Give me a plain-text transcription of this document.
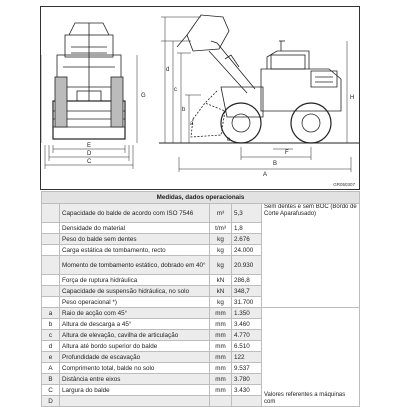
E
D
C
G
A
B
F
H
a
b
c
d
e
GR050307
Medidas, dados operacionais				
	Capacidade do balde de acordo com ISO 7546	m³	5,3	Sem dentes e sem BOC (Bordo de Corte Aparafusado)
	Densidade do material	t/m³	1,8	
	Peso do balde sem dentes	kg	2.676	
	Carga estática de tombamento, recto	kg	24.000	
	Momento de tombamento estático, dobrado em 40°	kg	20.930	
	Força de ruptura hidráulica	kN	286,8	
	Capacidade de suspensão hidráulica, no solo	kN	348,7	
	Peso operacional *)	kg	31.700	
a	Raio de acção com 45°	mm	1.350	Valores referentes a máquinas com
b	Altura de descarga a 45°	mm	3.460	
c	Altura de elevação, cavilha de articulação	mm	4.770	
d	Altura até bordo superior do balde	mm	6.510	
e	Profundidade de escavação	mm	122	
A	Comprimento total, balde no solo	mm	9.537	
B	Distância entre eixos	mm	3.780	
C	Largura do balde	mm	3.430	
D				
